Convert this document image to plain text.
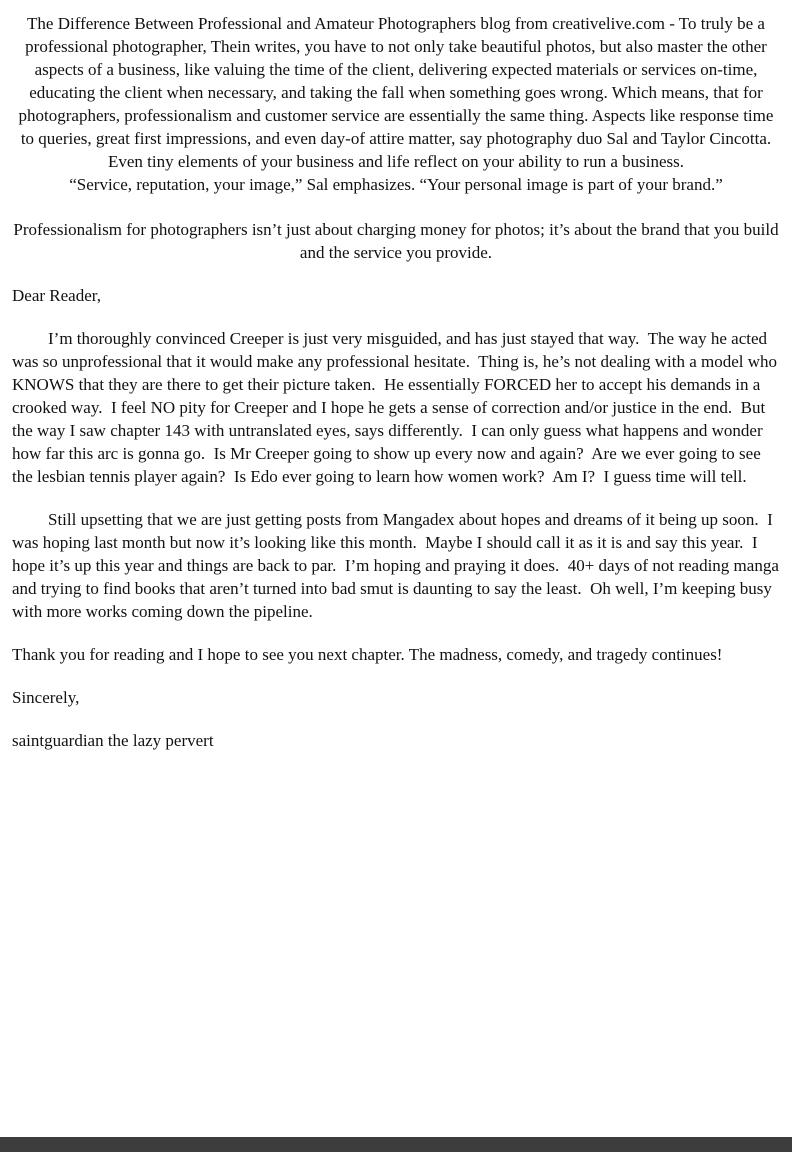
The Difference Between Professional and Amateur Photographers blog from creativelive.com - To truly be a professional photographer, Thein writes, you have to not only take beautiful photos, but also master the other aspects of a business, like valuing the time of the client, delivering expected materials or services on-time, educating the client when necessary, and taking the fall when something goes wrong. Which means, that for photographers, professionalism and customer service are essentially the same thing. Aspects like response time to queries, great first impressions, and even day-of attire matter, say photography duo Sal and Taylor Cincotta. Even tiny elements of your business and life reflect on your ability to run a business.

“Service, reputation, your image,” Sal emphasizes. “Your personal image is part of your brand.”

Professionalism for photographers isn’t just about charging money for photos; it’s about the brand that you build and the service you provide.

Dear Reader,

I’m thoroughly convinced Creeper is just very misguided, and has just stayed that way.  The way he acted was so unprofessional that it would make any professional hesitate.  Thing is, he’s not dealing with a model who KNOWS that they are there to get their picture taken.  He essentially FORCED her to accept his demands in a crooked way.  I feel NO pity for Creeper and I hope he gets a sense of correction and/or justice in the end.  But the way I saw chapter 143 with untranslated eyes, says differently.  I can only guess what happens and wonder how far this arc is gonna go.  Is Mr Creeper going to show up every now and again?  Are we ever going to see the lesbian tennis player again?  Is Edo ever going to learn how women work?  Am I?  I guess time will tell.

Still upsetting that we are just getting posts from Mangadex about hopes and dreams of it being up soon.  I was hoping last month but now it’s looking like this month.  Maybe I should call it as it is and say this year.  I hope it’s up this year and things are back to par.  I’m hoping and praying it does.  40+ days of not reading manga and trying to find books that aren’t turned into bad smut is daunting to say the least.  Oh well, I’m keeping busy with more works coming down the pipeline.

Thank you for reading and I hope to see you next chapter. The madness, comedy, and tragedy continues!

Sincerely,

saintguardian the lazy pervert
